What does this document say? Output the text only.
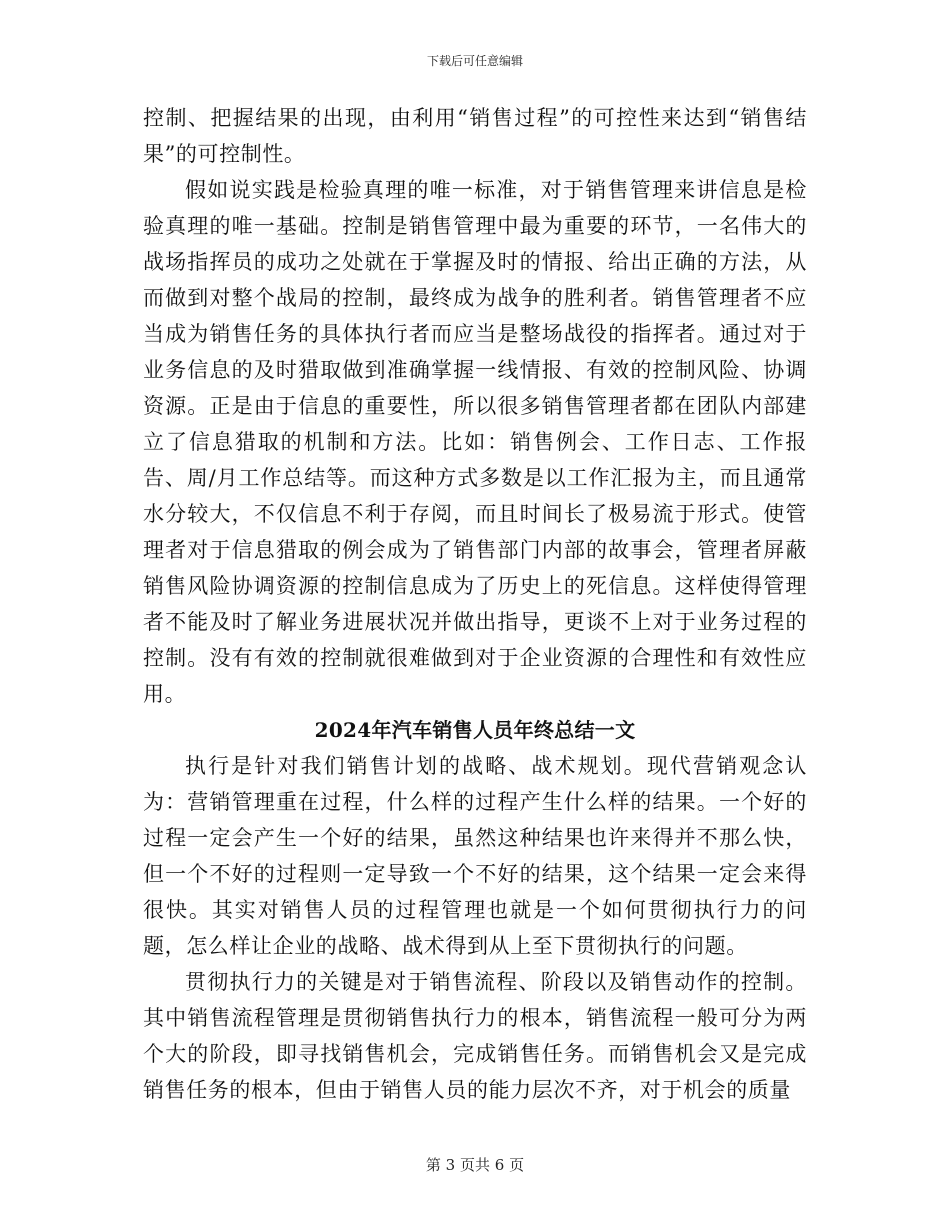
下载后可任意编辑

控制、把握结果的出现，由利用“销售过程”的可控性来达到“销售结果”的可控制性。

假如说实践是检验真理的唯一标准，对于销售管理来讲信息是检验真理的唯一基础。控制是销售管理中最为重要的环节，一名伟大的战场指挥员的成功之处就在于掌握及时的情报、给出正确的方法，从而做到对整个战局的控制，最终成为战争的胜利者。销售管理者不应当成为销售任务的具体执行者而应当是整场战役的指挥者。通过对于业务信息的及时猎取做到准确掌握一线情报、有效的控制风险、协调资源。正是由于信息的重要性，所以很多销售管理者都在团队内部建立了信息猎取的机制和方法。比如：销售例会、工作日志、工作报告、周/月工作总结等。而这种方式多数是以工作汇报为主，而且通常水分较大，不仅信息不利于存阅，而且时间长了极易流于形式。使管理者对于信息猎取的例会成为了销售部门内部的故事会，管理者屏蔽销售风险协调资源的控制信息成为了历史上的死信息。这样使得管理者不能及时了解业务进展状况并做出指导，更谈不上对于业务过程的控制。没有有效的控制就很难做到对于企业资源的合理性和有效性应用。

2024年汽车销售人员年终总结一文

执行是针对我们销售计划的战略、战术规划。现代营销观念认为：营销管理重在过程，什么样的过程产生什么样的结果。一个好的过程一定会产生一个好的结果，虽然这种结果也许来得并不那么快，但一个不好的过程则一定导致一个不好的结果，这个结果一定会来得很快。其实对销售人员的过程管理也就是一个如何贯彻执行力的问题，怎么样让企业的战略、战术得到从上至下贯彻执行的问题。

贯彻执行力的关键是对于销售流程、阶段以及销售动作的控制。其中销售流程管理是贯彻销售执行力的根本，销售流程一般可分为两个大的阶段，即寻找销售机会，完成销售任务。而销售机会又是完成销售任务的根本，但由于销售人员的能力层次不齐，对于机会的质量

第 3 页共 6 页
